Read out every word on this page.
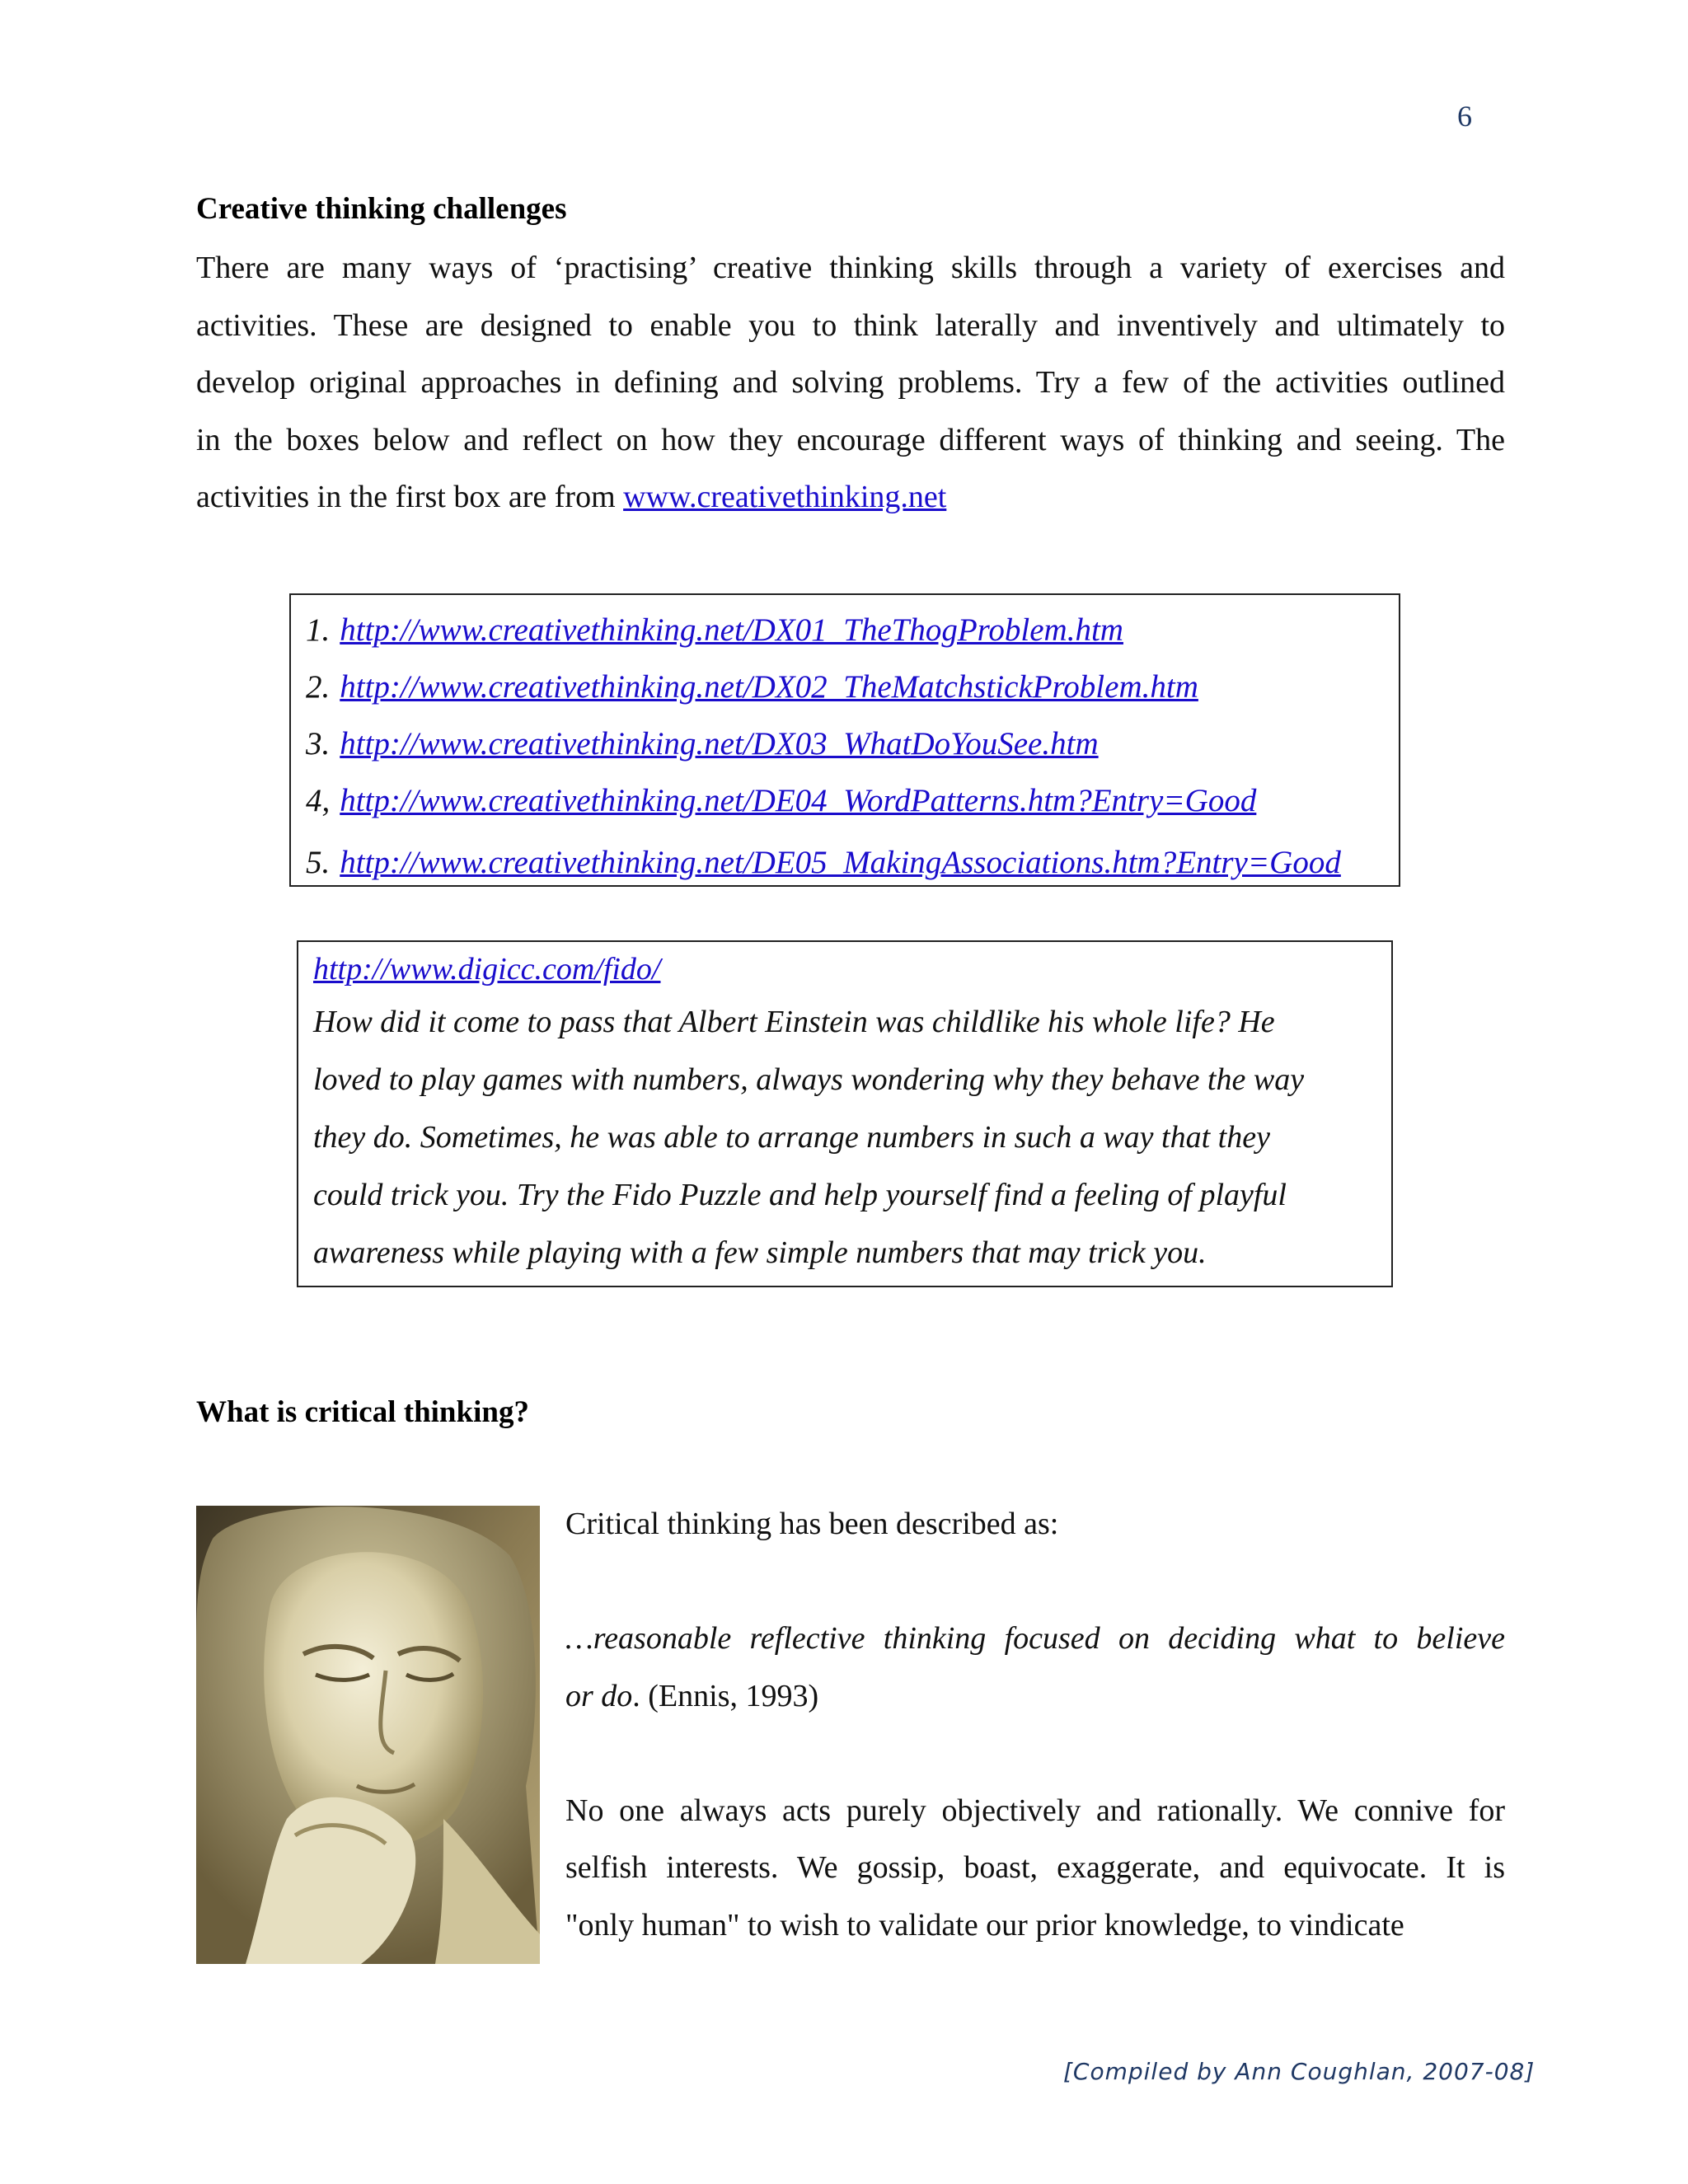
6
Creative thinking challenges
There are many ways of ‘practising’ creative thinking skills through a variety of exercises and
activities. These are designed to enable you to think laterally and inventively and ultimately to
develop original approaches in defining and solving problems. Try a few of the activities outlined
in the boxes below and reflect on how they encourage different ways of thinking and seeing. The
activities in the first box are from www.creativethinking.net
1. http://www.creativethinking.net/DX01_TheThogProblem.htm
2. http://www.creativethinking.net/DX02_TheMatchstickProblem.htm
3. http://www.creativethinking.net/DX03_WhatDoYouSee.htm
4, http://www.creativethinking.net/DE04_WordPatterns.htm?Entry=Good
5. http://www.creativethinking.net/DE05_MakingAssociations.htm?Entry=Good
http://www.digicc.com/fido/

How did it come to pass that Albert Einstein was childlike his whole life? He
loved to play games with numbers, always wondering why they behave the way
they do. Sometimes, he was able to arrange numbers in such a way that they
could trick you. Try the Fido Puzzle and help yourself find a feeling of playful
awareness while playing with a few simple numbers that may trick you.

What is critical thinking?
Critical thinking has been described as:
…reasonable reflective thinking focused on deciding what to believe
or do. (Ennis, 1993)
No one always acts purely objectively and rationally. We connive for
selfish interests. We gossip, boast, exaggerate, and equivocate. It is
"only human" to wish to validate our prior knowledge, to vindicate
[Compiled by Ann Coughlan, 2007-08]
